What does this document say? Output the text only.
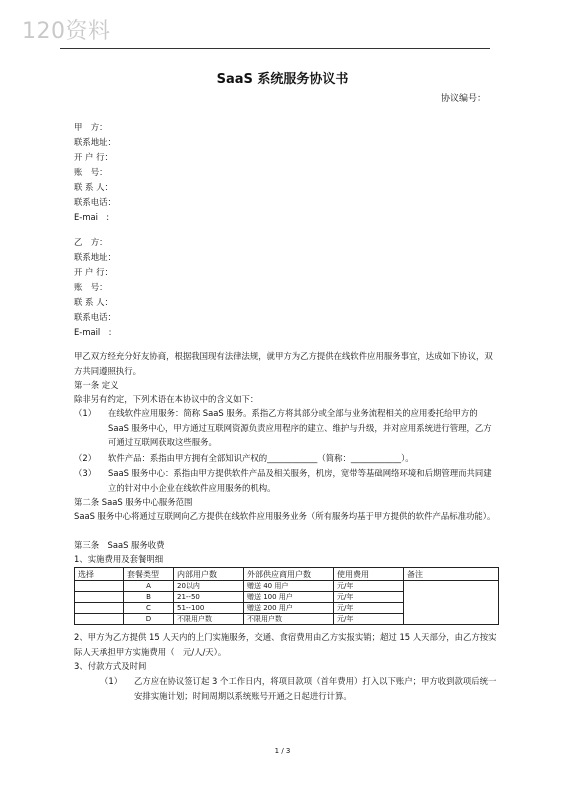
120资料
SaaS 系统服务协议书
协议编号：
甲　方：
联系地址：
开 户 行：
账　号：
联 系 人：
联系电话：
E-mai　:
乙　方：
联系地址：
开 户 行：
账　号：
联 系 人：
联系电话：
E-mail　:
甲乙双方经充分好友协商，根据我国现有法律法规，就甲方为乙方提供在线软件应用服务事宜，达成如下协议，双方共同遵照执行。
第一条 定义
除非另有约定，下列术语在本协议中的含义如下：
（1） 在线软件应用服务：简称 SaaS 服务。系指乙方将其部分或全部与业务流程相关的应用委托给甲方的 SaaS 服务中心，甲方通过互联网资源负责应用程序的建立、维护与升级，并对应用系统进行管理，乙方可通过互联网获取这些服务。
（2） 软件产品：系指由甲方拥有全部知识产权的____________（简称：____________）。
（3） SaaS 服务中心：系指由甲方提供软件产品及相关服务，机房，宽带等基础网络环境和后期管理而共同建立的针对中小企业在线软件应用服务的机构。
第二条 SaaS 服务中心服务范围
SaaS 服务中心将通过互联网向乙方提供在线软件应用服务业务（所有服务均基于甲方提供的软件产品标准功能）。
第三条　SaaS 服务收费
1、实施费用及套餐明细
选择	套餐类型	内部用户数	外部供应商用户数	使用费用	备注
	A	20以内	赠送 40 用户	元/年	
	B	21--50	赠送 100 用户	元/年	
	C	51--100	赠送 200 用户	元/年	
	D	不限用户数	不限用户数	元/年	
2、甲方为乙方提供 15 人天内的上门实施服务，交通、食宿费用由乙方实报实销；超过 15 人天部分，由乙方按实际人天承担甲方实施费用（　元/人/天）。
3、付款方式及时间
（1） 乙方应在协议签订起 3 个工作日内，将项目款项（首年费用）打入以下账户；甲方收到款项后统一安排实施计划；时间周期以系统账号开通之日起进行计算。
1 / 3
